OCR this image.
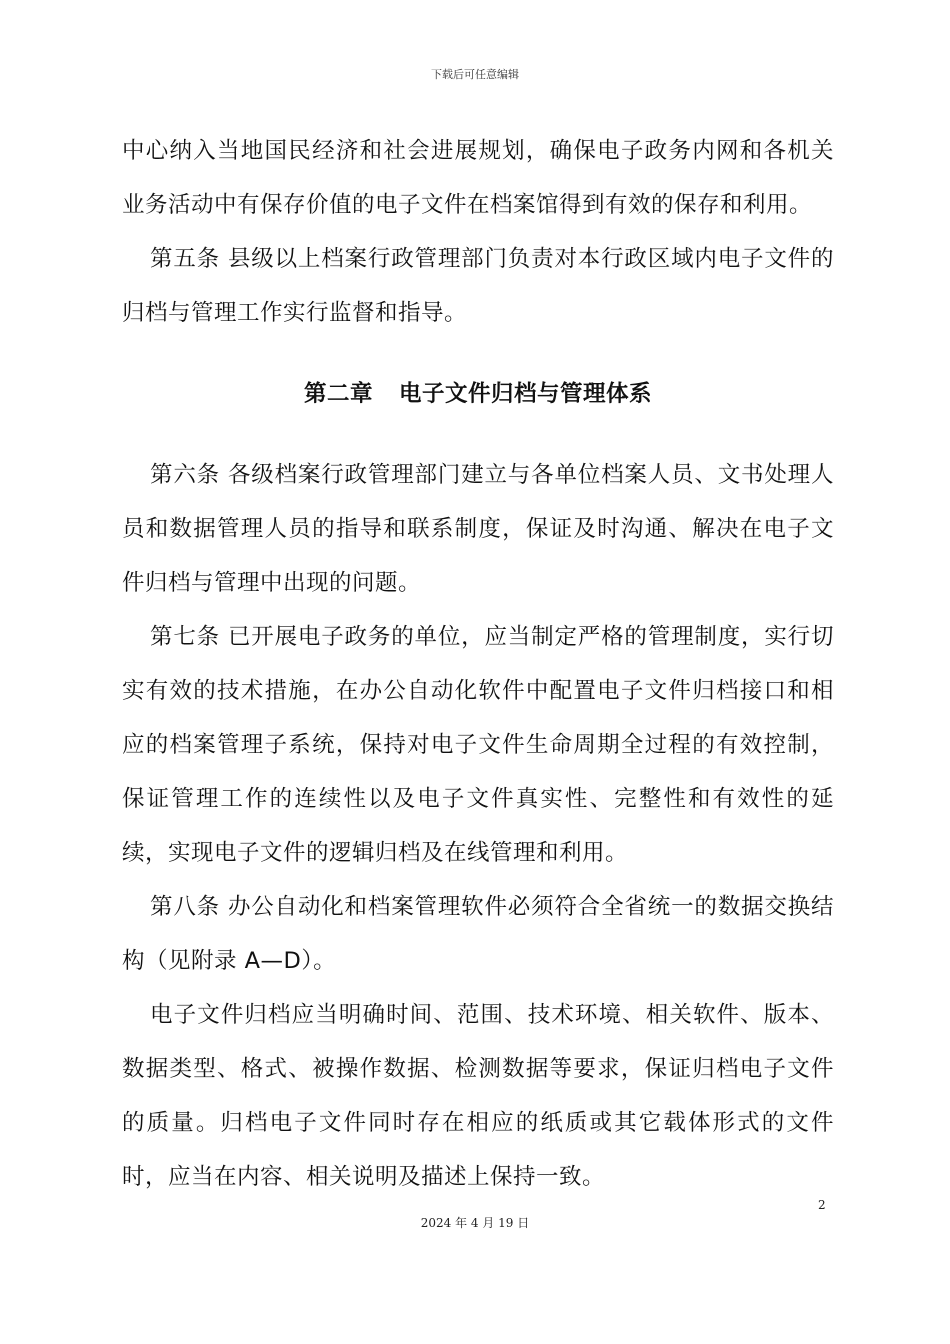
下载后可任意编辑

中心纳入当地国民经济和社会进展规划，确保电子政务内网和各机关业务活动中有保存价值的电子文件在档案馆得到有效的保存和利用。

第五条 县级以上档案行政管理部门负责对本行政区域内电子文件的归档与管理工作实行监督和指导。

第二章 电子文件归档与管理体系

第六条 各级档案行政管理部门建立与各单位档案人员、文书处理人员和数据管理人员的指导和联系制度，保证及时沟通、解决在电子文件归档与管理中出现的问题。

第七条 已开展电子政务的单位，应当制定严格的管理制度，实行切实有效的技术措施，在办公自动化软件中配置电子文件归档接口和相应的档案管理子系统，保持对电子文件生命周期全过程的有效控制，保证管理工作的连续性以及电子文件真实性、完整性和有效性的延续，实现电子文件的逻辑归档及在线管理和利用。

第八条 办公自动化和档案管理软件必须符合全省统一的数据交换结构（见附录 A—D）。

电子文件归档应当明确时间、范围、技术环境、相关软件、版本、数据类型、格式、被操作数据、检测数据等要求，保证归档电子文件的质量。归档电子文件同时存在相应的纸质或其它载体形式的文件时，应当在内容、相关说明及描述上保持一致。

2
2024 年 4 月 19 日
